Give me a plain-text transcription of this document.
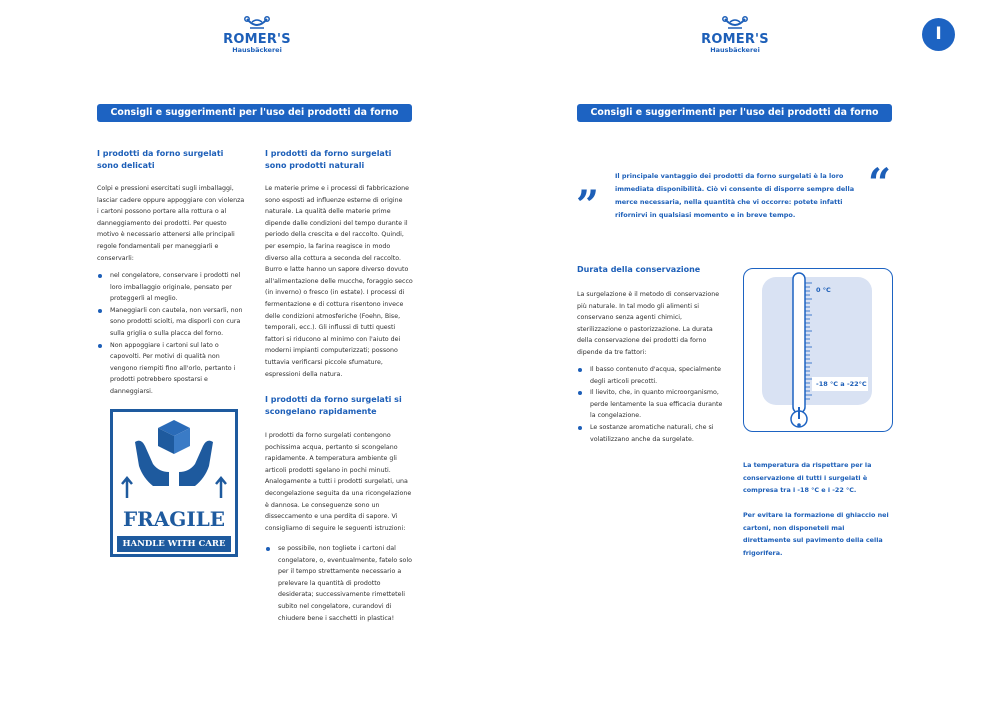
ROMER'S
Hausbäckerei
Consigli e suggerimenti per l'uso dei prodotti da forno surgelati
I prodotti da forno surgelati sono delicati

Colpi e pressioni esercitati sugli imballaggi, lasciar cadere oppure appoggiare con violenza i cartoni possono portare alla rottura o al danneggiamento dei prodotti. Per questo motivo è necessario attenersi alle principali regole fondamentali per maneggiarli e conservarli:

nel congelatore, conservare i prodotti nel loro imballaggio originale, pensato per proteggerli al meglio.
Maneggiarli con cautela, non versarli, non sono prodotti sciolti, ma disporli con cura sulla griglia o sulla placca del forno.
Non appoggiare i cartoni sul lato o capovolti. Per motivi di qualità non vengono riempiti fino all'orlo, pertanto i prodotti potrebbero spostarsi e danneggiarsi.
FRAGILE
HANDLE WITH CARE
I prodotti da forno surgelati sono prodotti naturali

Le materie prime e i processi di fabbricazione sono esposti ad influenze esterne di origine naturale. La qualità delle materie prime dipende dalle condizioni del tempo durante il periodo della crescita e del raccolto. Quindi, per esempio, la farina reagisce in modo diverso alla cottura a seconda del raccolto. Burro e latte hanno un sapore diverso dovuto all'alimentazione delle mucche, foraggio secco (in inverno) o fresco (in estate). I processi di fermentazione e di cottura risentono invece delle condizioni atmosferiche (Foehn, Bise, temporali, ecc.). Gli influssi di tutti questi fattori si riducono al minimo con l'aiuto dei moderni impianti computerizzati; possono tuttavia verificarsi piccole sfumature, espressioni della natura.

I prodotti da forno surgelati si scongelano rapidamente

I prodotti da forno surgelati contengono pochissima acqua, pertanto si scongelano rapidamente. A temperatura ambiente gli articoli prodotti sgelano in pochi minuti. Analogamente a tutti i prodotti surgelati, una decongelazione seguita da una ricongelazione è dannosa. Le conseguenze sono un disseccamento e una perdita di sapore. Vi consigliamo di seguire le seguenti istruzioni:

se possibile, non togliete i cartoni dal congelatore, o, eventualmente, fatelo solo per il tempo strettamente necessario a prelevare la quantità di prodotto desiderata; successivamente rimetteteli subito nel congelatore, curandovi di chiudere bene i sacchetti in plastica!
ROMER'S
Hausbäckerei
I
Consigli e suggerimenti per l'uso dei prodotti da forno surgelati
”
Il principale vantaggio dei prodotti da forno surgelati è la loro immediata disponibilità. Ciò vi consente di disporre sempre della merce necessaria, nella quantità che vi occorre: potete infatti rifornirvi in qualsiasi momento e in breve tempo.
“
Durata della conservazione

La surgelazione è il metodo di conservazione più naturale. In tal modo gli alimenti si conservano senza agenti chimici, sterilizzazione o pastorizzazione. La durata della conservazione dei prodotti da forno dipende da tre fattori:

Il basso contenuto d'acqua, specialmente degli articoli precotti.
Il lievito, che, in quanto microorganismo, perde lentamente la sua efficacia durante la congelazione.
Le sostanze aromatiche naturali, che si volatilizzano anche da surgelate.
0 °C
-18 °C a -22°C
La temperatura da rispettare per la conservazione di tutti i surgelati è compresa tra i -18 °C e i -22 °C.
Per evitare la formazione di ghiaccio nei cartoni, non disponeteli mai direttamente sul pavimento della cella frigorifera.
